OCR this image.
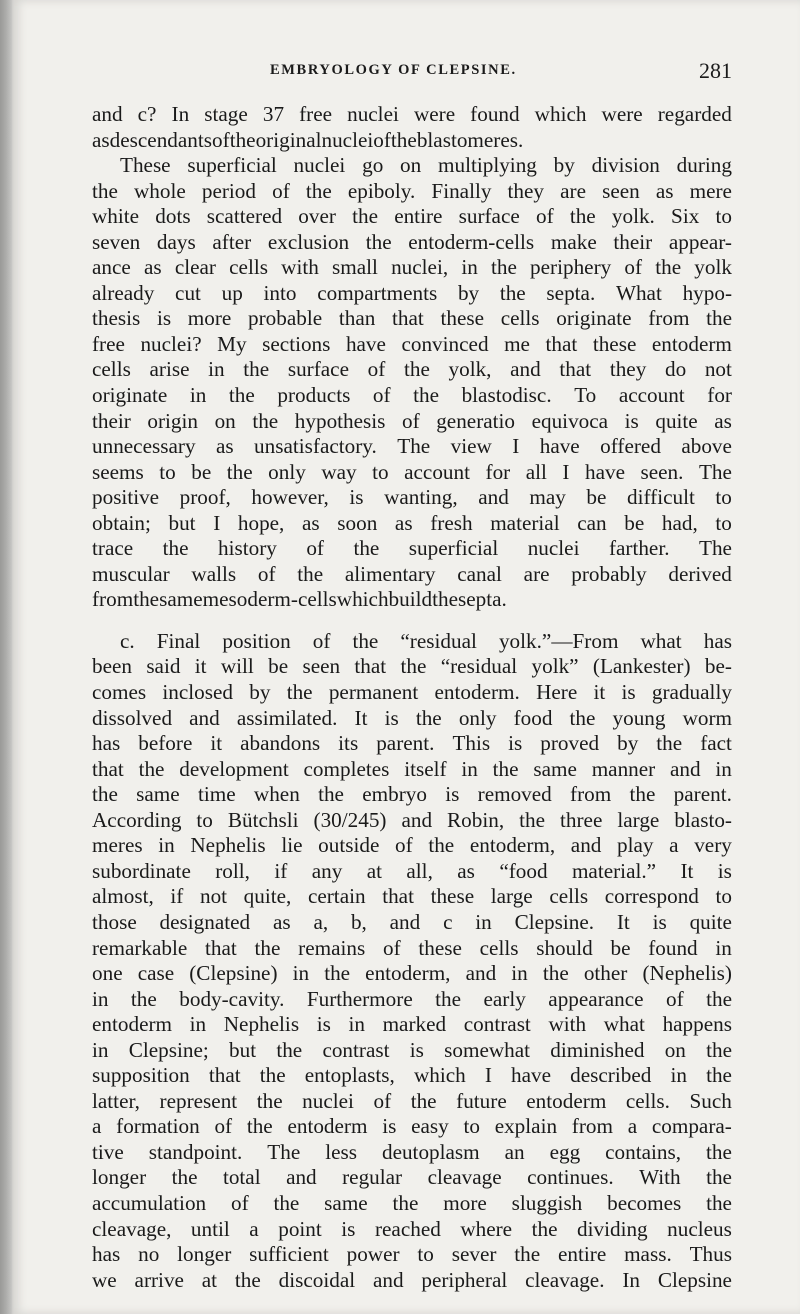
EMBRYOLOGY OF CLEPSINE.	281
and c? In stage 37 free nuclei were found which were regarded
as descendants of the original nuclei of the blastomeres.
These superficial nuclei go on multiplying by division during
the whole period of the epiboly. Finally they are seen as mere
white dots scattered over the entire surface of the yolk. Six to
seven days after exclusion the entoderm-cells make their appear-
ance as clear cells with small nuclei, in the periphery of the yolk
already cut up into compartments by the septa. What hypo-
thesis is more probable than that these cells originate from the
free nuclei? My sections have convinced me that these entoderm
cells arise in the surface of the yolk, and that they do not
originate in the products of the blastodisc. To account for
their origin on the hypothesis of generatio equivoca is quite as
unnecessary as unsatisfactory. The view I have offered above
seems to be the only way to account for all I have seen. The
positive proof, however, is wanting, and may be difficult to
obtain; but I hope, as soon as fresh material can be had, to
trace the history of the superficial nuclei farther. The
muscular walls of the alimentary canal are probably derived
from the same mesoderm-cells which build the septa.
c. Final position of the “residual yolk.”—From what has
been said it will be seen that the “residual yolk” (Lankester) be-
comes inclosed by the permanent entoderm. Here it is gradually
dissolved and assimilated. It is the only food the young worm
has before it abandons its parent. This is proved by the fact
that the development completes itself in the same manner and in
the same time when the embryo is removed from the parent.
According to Bütchsli (30/245) and Robin, the three large blasto-
meres in Nephelis lie outside of the entoderm, and play a very
subordinate roll, if any at all, as “food material.” It is
almost, if not quite, certain that these large cells correspond to
those designated as a, b, and c in Clepsine. It is quite
remarkable that the remains of these cells should be found in
one case (Clepsine) in the entoderm, and in the other (Nephelis)
in the body-cavity. Furthermore the early appearance of the
entoderm in Nephelis is in marked contrast with what happens
in Clepsine; but the contrast is somewhat diminished on the
supposition that the entoplasts, which I have described in the
latter, represent the nuclei of the future entoderm cells. Such
a formation of the entoderm is easy to explain from a compara-
tive standpoint. The less deutoplasm an egg contains, the
longer the total and regular cleavage continues. With the
accumulation of the same the more sluggish becomes the
cleavage, until a point is reached where the dividing nucleus
has no longer sufficient power to sever the entire mass. Thus
we arrive at the discoidal and peripheral cleavage. In Clepsine
